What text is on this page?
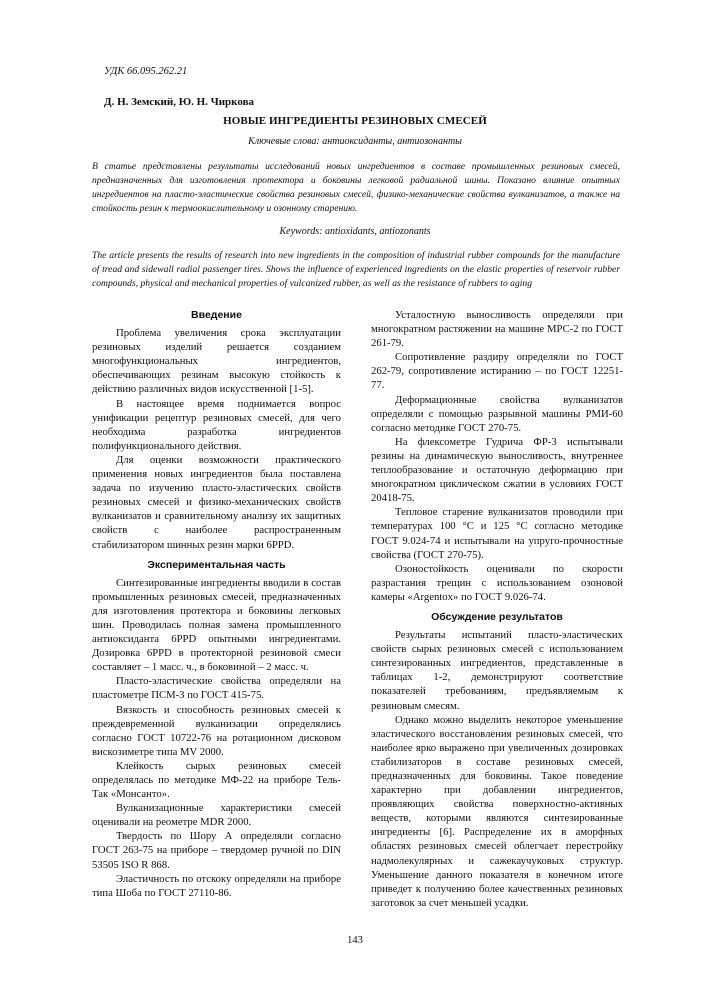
УДК 66.095.262.21
Д. Н. Земский, Ю. Н. Чиркова
НОВЫЕ ИНГРЕДИЕНТЫ РЕЗИНОВЫХ СМЕСЕЙ
Ключевые слова: антиоксиданты, антиозонанты
В статье представлены результаты исследований новых ингредиентов в составе промышленных резиновых смесей, предназначенных для изготовления протектора и боковины легковой радиальной шины. Показано влияние опытных ингредиентов на пласто-эластические свойства резиновых смесей, физико-механические свойства вулканизатов, а также на стойкость резин к термоокислительному и озонному старению.
Keywords: antioxidants, antiozonants
The article presents the results of research into new ingredients in the composition of industrial rubber compounds for the manufacture of tread and sidewall radial passenger tires. Shows the influence of experienced ingredients on the elastic properties of reservoir rubber compounds, physical and mechanical properties of vulcanized rubber, as well as the resistance of rubbers to aging
Введение

Проблема увеличения срока эксплуатации резиновых изделий решается созданием многофункциональных ингредиентов, обеспечивающих резинам высокую стойкость к действию различных видов искусственной [1-5].

В настоящее время поднимается вопрос унификации рецептур резиновых смесей, для чего необходима разработка ингредиентов полифункционального действия.

Для оценки возможности практического применения новых ингредиентов была поставлена задача по изучению пласто-эластических свойств резиновых смесей и физико-механических свойств вулканизатов и сравнительному анализу их защитных свойств с наиболее распространенным стабилизатором шинных резин марки 6PPD.

Экспериментальная часть

Синтезированные ингредиенты вводили в состав промышленных резиновых смесей, предназначенных для изготовления протектора и боковины легковых шин. Проводилась полная замена промышленного антиоксиданта 6PPD опытными ингредиентами. Дозировка 6PPD в протекторной резиновой смеси составляет – 1 масс. ч., в боковиной – 2 масс. ч.

Пласто-эластические свойства определяли на пластометре ПСМ-3 по ГОСТ 415-75.

Вязкость и способность резиновых смесей к преждевременной вулканизации определялись согласно ГОСТ 10722-76 на ротационном дисковом вискозиметре типа MV 2000.

Клейкость сырых резиновых смесей определялась по методике МФ-22 на приборе Тель-Так «Монсанто».

Вулканизационные характеристики смесей оценивали на реометре MDR 2000.

Твердость по Шору А определяли согласно ГОСТ 263-75 на приборе – твердомер ручной по DIN 53505 ISO R 868.

Эластичность по отскоку определяли на приборе типа Шоба по ГОСТ 27110-86.

Усталостную выносливость определяли при многократном растяжении на машине МРС-2 по ГОСТ 261-79.

Сопротивление раздиру определяли по ГОСТ 262-79, сопротивление истиранию – по ГОСТ 12251-77.

Деформационные свойства вулканизатов определяли с помощью разрывной машины РМИ-60 согласно методике ГОСТ 270-75.

На флексометре Гудрича ФР-3 испытывали резины на динамическую выносливость, внутреннее теплообразование и остаточную деформацию при многократном циклическом сжатии в условиях ГОСТ 20418-75.

Тепловое старение вулканизатов проводили при температурах 100 °С и 125 °С согласно методике ГОСТ 9.024-74 и испытывали на упруго-прочностные свойства (ГОСТ 270-75).

Озоностойкость оценивали по скорости разрастания трещин с использованием озоновой камеры «Argentox» по ГОСТ 9.026-74.

Обсуждение результатов

Результаты испытаний пласто-эластических свойств сырых резиновых смесей с использованием синтезированных ингредиентов, представленные в таблицах 1-2, демонстрируют соответствие показателей требованиям, предъявляемым к резиновым смесям.

Однако можно выделить некоторое уменьшение эластического восстановления резиновых смесей, что наиболее ярко выражено при увеличенных дозировках стабилизаторов в составе резиновых смесей, предназначенных для боковины. Такое поведение характерно при добавлении ингредиентов, проявляющих свойства поверхностно-активных веществ, которыми являются синтезированные ингредиенты [6]. Распределение их в аморфных областях резиновых смесей облегчает перестройку надмолекулярных и сажекаучуковых структур. Уменьшение данного показателя в конечном итоге приведет к получению более качественных резиновых заготовок за счет меньшей усадки.

143
